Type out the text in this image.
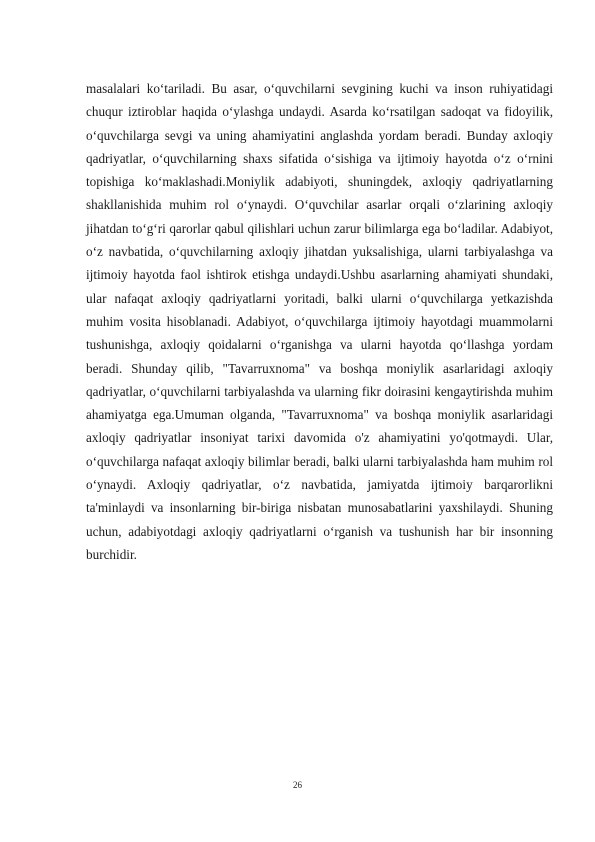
masalalari ko‘tariladi. Bu asar, o‘quvchilarni sevgining kuchi va inson ruhiyatidagi chuqur iztiroblar haqida o‘ylashga undaydi. Asarda ko‘rsatilgan sadoqat va fidoyilik, o‘quvchilarga sevgi va uning ahamiyatini anglashda yordam beradi. Bunday axloqiy qadriyatlar, o‘quvchilarning shaxs sifatida o‘sishiga va ijtimoiy hayotda o‘z o‘rnini topishiga ko‘maklashadi.Moniylik adabiyoti, shuningdek, axloqiy qadriyatlarning shakllanishida muhim rol o‘ynaydi. O‘quvchilar asarlar orqali o‘zlarining axloqiy jihatdan to‘g‘ri qarorlar qabul qilishlari uchun zarur bilimlarga ega bo‘ladilar. Adabiyot, o‘z navbatida, o‘quvchilarning axloqiy jihatdan yuksalishiga, ularni tarbiyalashga va ijtimoiy hayotda faol ishtirok etishga undaydi.Ushbu asarlarning ahamiyati shundaki, ular nafaqat axloqiy qadriyatlarni yoritadi, balki ularni o‘quvchilarga yetkazishda muhim vosita hisoblanadi. Adabiyot, o‘quvchilarga ijtimoiy hayotdagi muammolarni tushunishga, axloqiy qoidalarni o‘rganishga va ularni hayotda qo‘llashga yordam beradi. Shunday qilib, "Tavarruxnoma" va boshqa moniylik asarlaridagi axloqiy qadriyatlar, o‘quvchilarni tarbiyalashda va ularning fikr doirasini kengaytirishda muhim ahamiyatga ega.Umuman olganda, "Tavarruxnoma" va boshqa moniylik asarlaridagi axloqiy qadriyatlar insoniyat tarixi davomida o'z ahamiyatini yo'qotmaydi. Ular, o‘quvchilarga nafaqat axloqiy bilimlar beradi, balki ularni tarbiyalashda ham muhim rol o‘ynaydi. Axloqiy qadriyatlar, o‘z navbatida, jamiyatda ijtimoiy barqarorlikni ta'minlaydi va insonlarning bir-biriga nisbatan munosabatlarini yaxshilaydi. Shuning uchun, adabiyotdagi axloqiy qadriyatlarni o‘rganish va tushunish har bir insonning burchidir.

26
